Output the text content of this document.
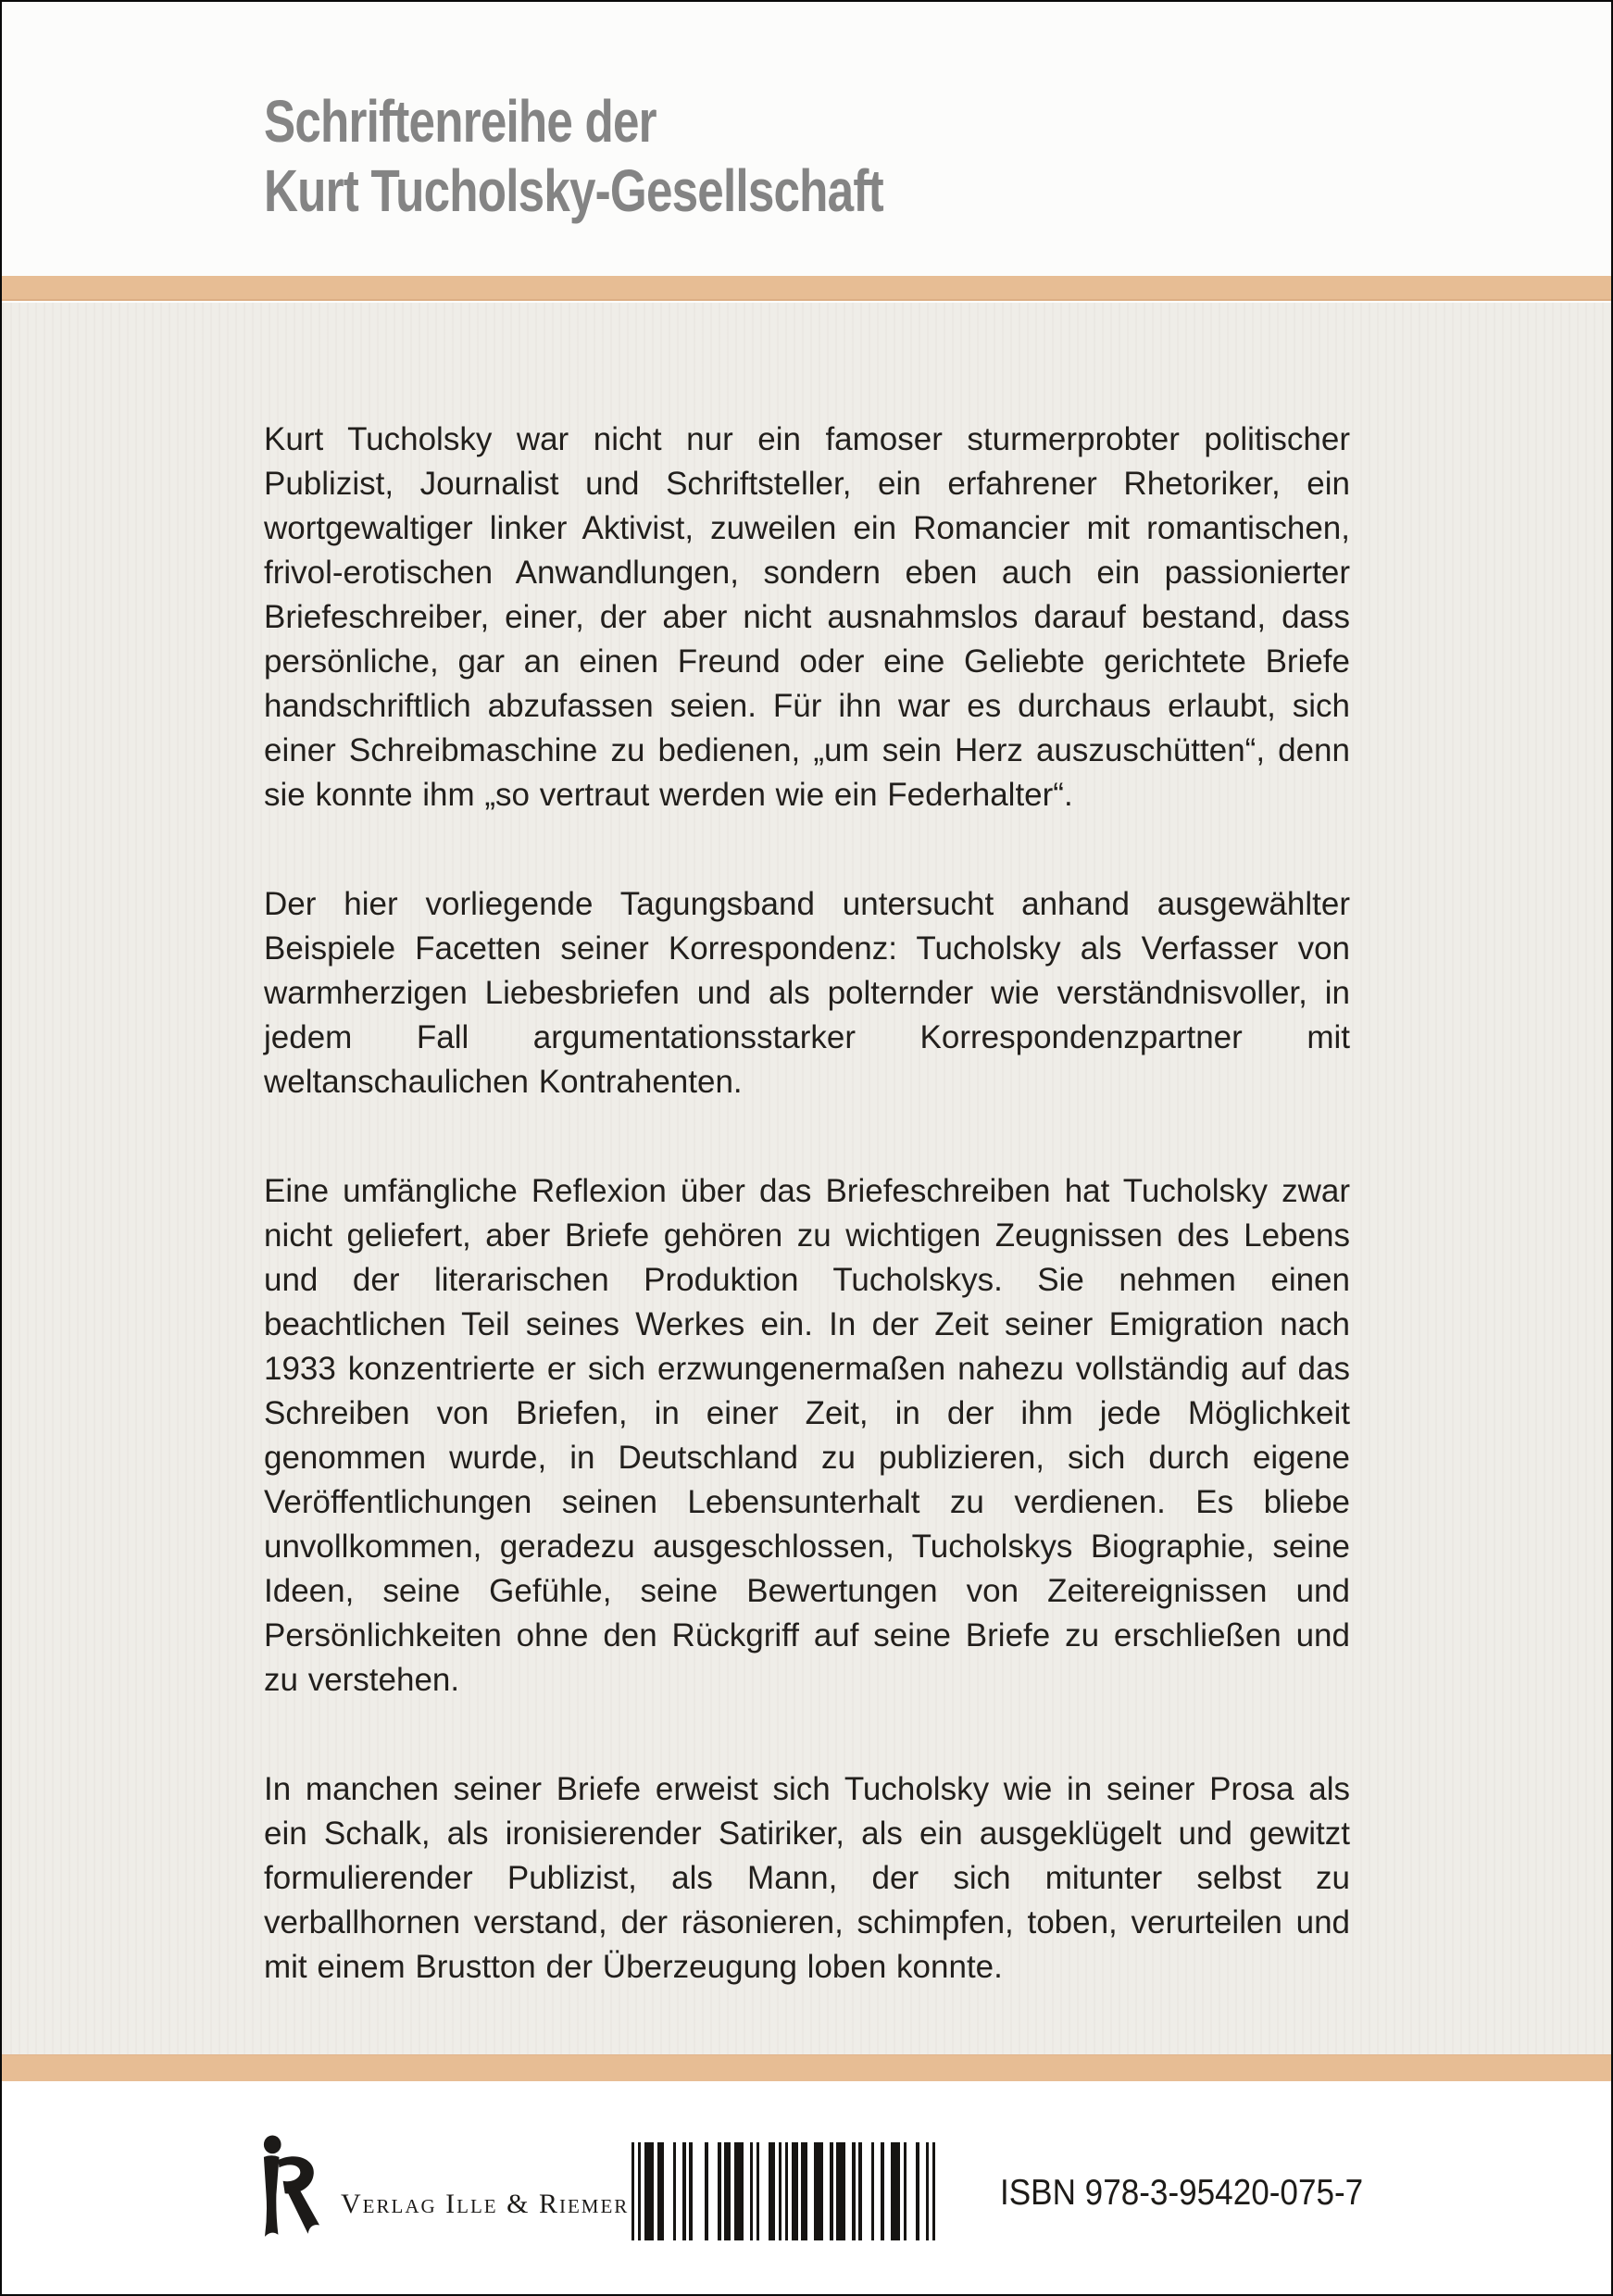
Schriftenreihe der
Kurt Tucholsky-Gesellschaft

Kurt Tucholsky war nicht nur ein famoser sturmerprobter politischer Publizist, Journalist und Schriftsteller, ein erfahrener Rhetoriker, ein wortgewaltiger linker Aktivist, zuweilen ein Romancier mit romantischen, frivol-erotischen Anwandlungen, sondern eben auch ein passionierter Briefeschreiber, einer, der aber nicht ausnahmslos darauf bestand, dass persönliche, gar an einen Freund oder eine Geliebte gerichtete Briefe handschriftlich abzufassen seien. Für ihn war es durchaus erlaubt, sich einer Schreibmaschine zu bedienen, „um sein Herz auszuschütten“, denn sie konnte ihm „so vertraut werden wie ein Federhalter“.

Der hier vorliegende Tagungsband untersucht anhand ausgewählter Beispiele Facetten seiner Korrespondenz: Tucholsky als Verfasser von warmherzigen Liebesbriefen und als polternder wie verständnisvoller, in jedem Fall argumentationsstarker Korrespondenzpartner mit weltanschaulichen Kontrahenten.

Eine umfängliche Reflexion über das Briefeschreiben hat Tucholsky zwar nicht geliefert, aber Briefe gehören zu wichtigen Zeugnissen des Lebens und der literarischen Produktion Tucholskys. Sie nehmen einen beachtlichen Teil seines Werkes ein. In der Zeit seiner Emigration nach 1933 konzentrierte er sich erzwungenermaßen nahezu vollständig auf das Schreiben von Briefen, in einer Zeit, in der ihm jede Möglichkeit genommen wurde, in Deutschland zu publizieren, sich durch eigene Veröffentlichungen seinen Lebensunterhalt zu verdienen. Es bliebe unvollkommen, geradezu ausgeschlossen, Tucholskys Biographie, seine Ideen, seine Gefühle, seine Bewertungen von Zeitereignissen und Persönlichkeiten ohne den Rückgriff auf seine Briefe zu erschließen und zu verstehen.

In manchen seiner Briefe erweist sich Tucholsky wie in seiner Prosa als ein Schalk, als ironisierender Satiriker, als ein ausgeklügelt und gewitzt formulierender Publizist, als Mann, der sich mitunter selbst zu verballhornen verstand, der räsonieren, schimpfen, toben, verurteilen und mit einem Brustton der Überzeugung loben konnte.

Verlag Ille & Riemer	ISBN 978-3-95420-075-7
